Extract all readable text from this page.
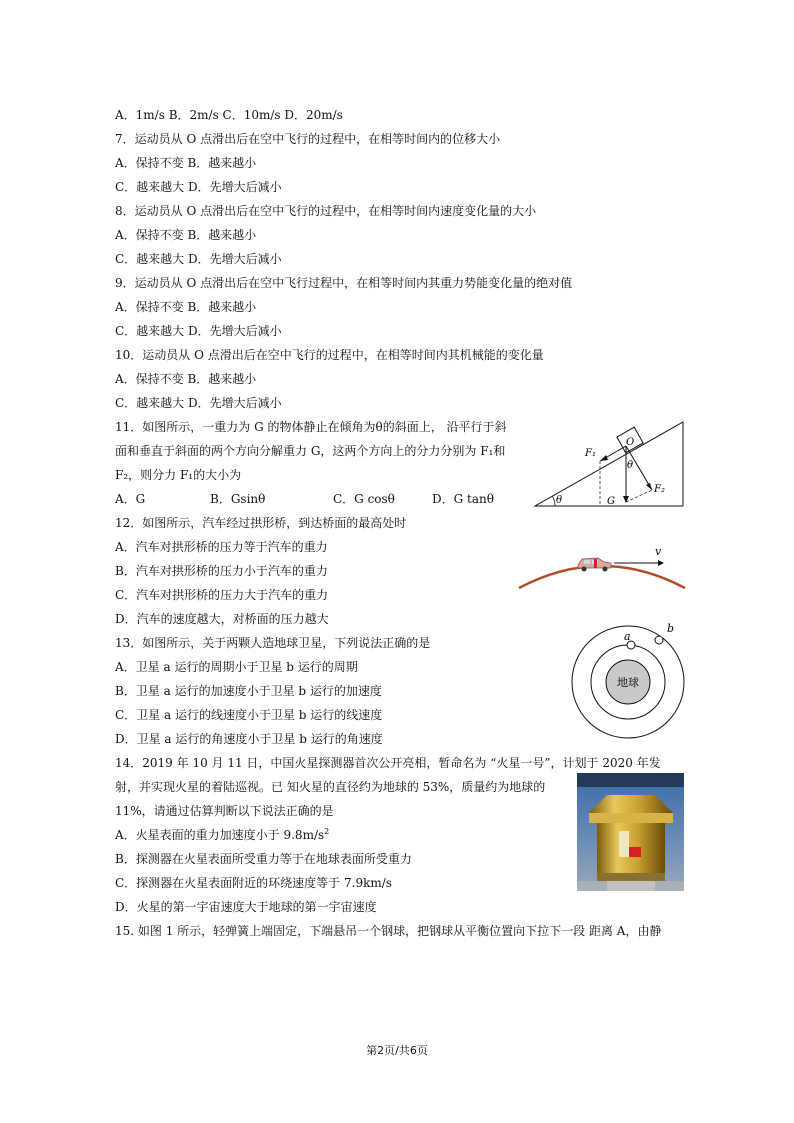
A．1m/s B．2m/s C．10m/s D．20m/s
7．运动员从 O 点滑出后在空中飞行的过程中，在相等时间内的位移大小
A．保持不变 B．越来越小
C．越来越大 D．先增大后减小
8．运动员从 O 点滑出后在空中飞行的过程中，在相等时间内速度变化量的大小
A．保持不变 B．越来越小
C．越来越大 D．先增大后减小
9．运动员从 O 点滑出后在空中飞行过程中，在相等时间内其重力势能变化量的绝对值
A．保持不变 B．越来越小
C．越来越大 D．先增大后减小
10．运动员从 O 点滑出后在空中飞行的过程中，在相等时间内其机械能的变化量
A．保持不变 B．越来越小
C．越来越大 D．先增大后减小
11．如图所示，一重力为 G 的物体静止在倾角为θ的斜面上， 沿平行于斜
面和垂直于斜面的两个方向分解重力 G，这两个方向上的分力分别为 F₁和
F₂，则分力 F₁的大小为
A．G	B．Gsinθ	C．G cosθ	D．G tanθ
12．如图所示，汽车经过拱形桥，到达桥面的最高处时
A．汽车对拱形桥的压力等于汽车的重力
B．汽车对拱形桥的压力小于汽车的重力
C．汽车对拱形桥的压力大于汽车的重力
D．汽车的速度越大，对桥面的压力越大
13．如图所示，关于两颗人造地球卫星，下列说法正确的是
A．卫星 a 运行的周期小于卫星 b 运行的周期
B．卫星 a 运行的加速度小于卫星 b 运行的加速度
C．卫星 a 运行的线速度小于卫星 b 运行的线速度
D．卫星 a 运行的角速度小于卫星 b 运行的角速度
14．2019 年 10 月 11 日，中国火星探测器首次公开亮相，暂命名为 “火星一号”，计划于 2020 年发
射，并实现火星的着陆巡视。已 知火星的直径约为地球的 53%，质量约为地球的
11%，请通过估算判断以下说法正确的是
A．火星表面的重力加速度小于 $9.8m/s^2$
B．探测器在火星表面所受重力等于在地球表面所受重力
C．探测器在火星表面附近的环绕速度等于 7.9km/s
D．火星的第一宇宙速度大于地球的第一宇宙速度
15. 如图 1 所示，轻弹簧上端固定，下端悬吊一个钢球，把钢球从平衡位置向下拉下一段 距离 A，由静
θ
O
G
F₁
F₂
θ
v
地球
a
b
第2页/共6页
